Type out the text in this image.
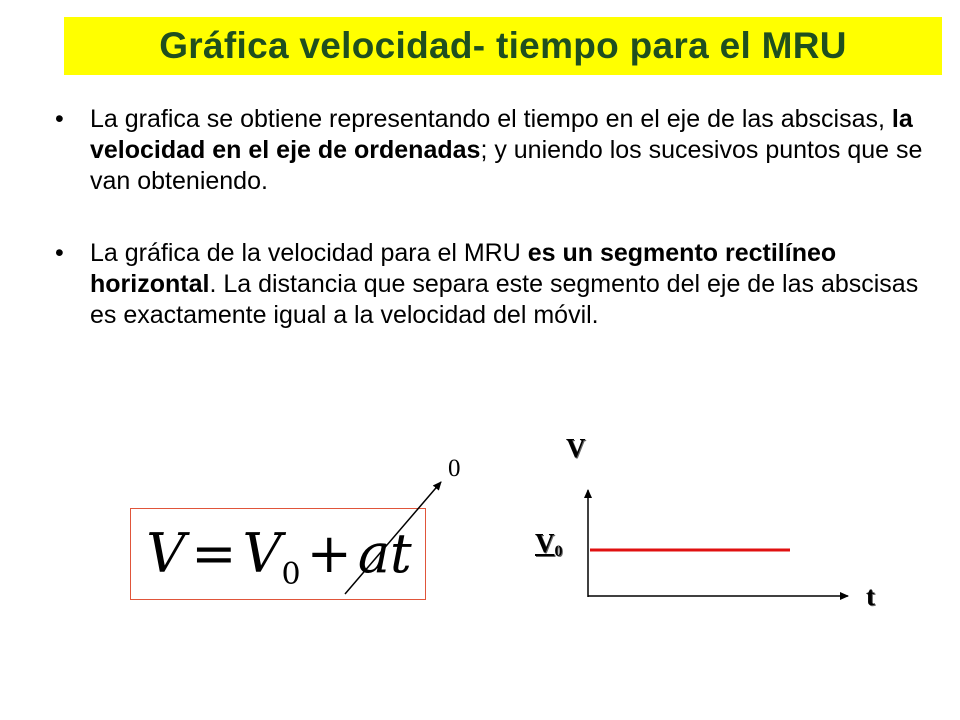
Gráfica velocidad- tiempo para el MRU
• La grafica se obtiene representando el tiempo en el eje de las abscisas, la velocidad en el eje de ordenadas; y uniendo los sucesivos puntos que se van obteniendo.
• La gráfica de la velocidad para el MRU es un segmento rectilíneo horizontal. La distancia que separa este segmento del eje de las abscisas es exactamente igual a la velocidad del móvil.
$V = V_0$ + at
0
V
$V_0$
t
